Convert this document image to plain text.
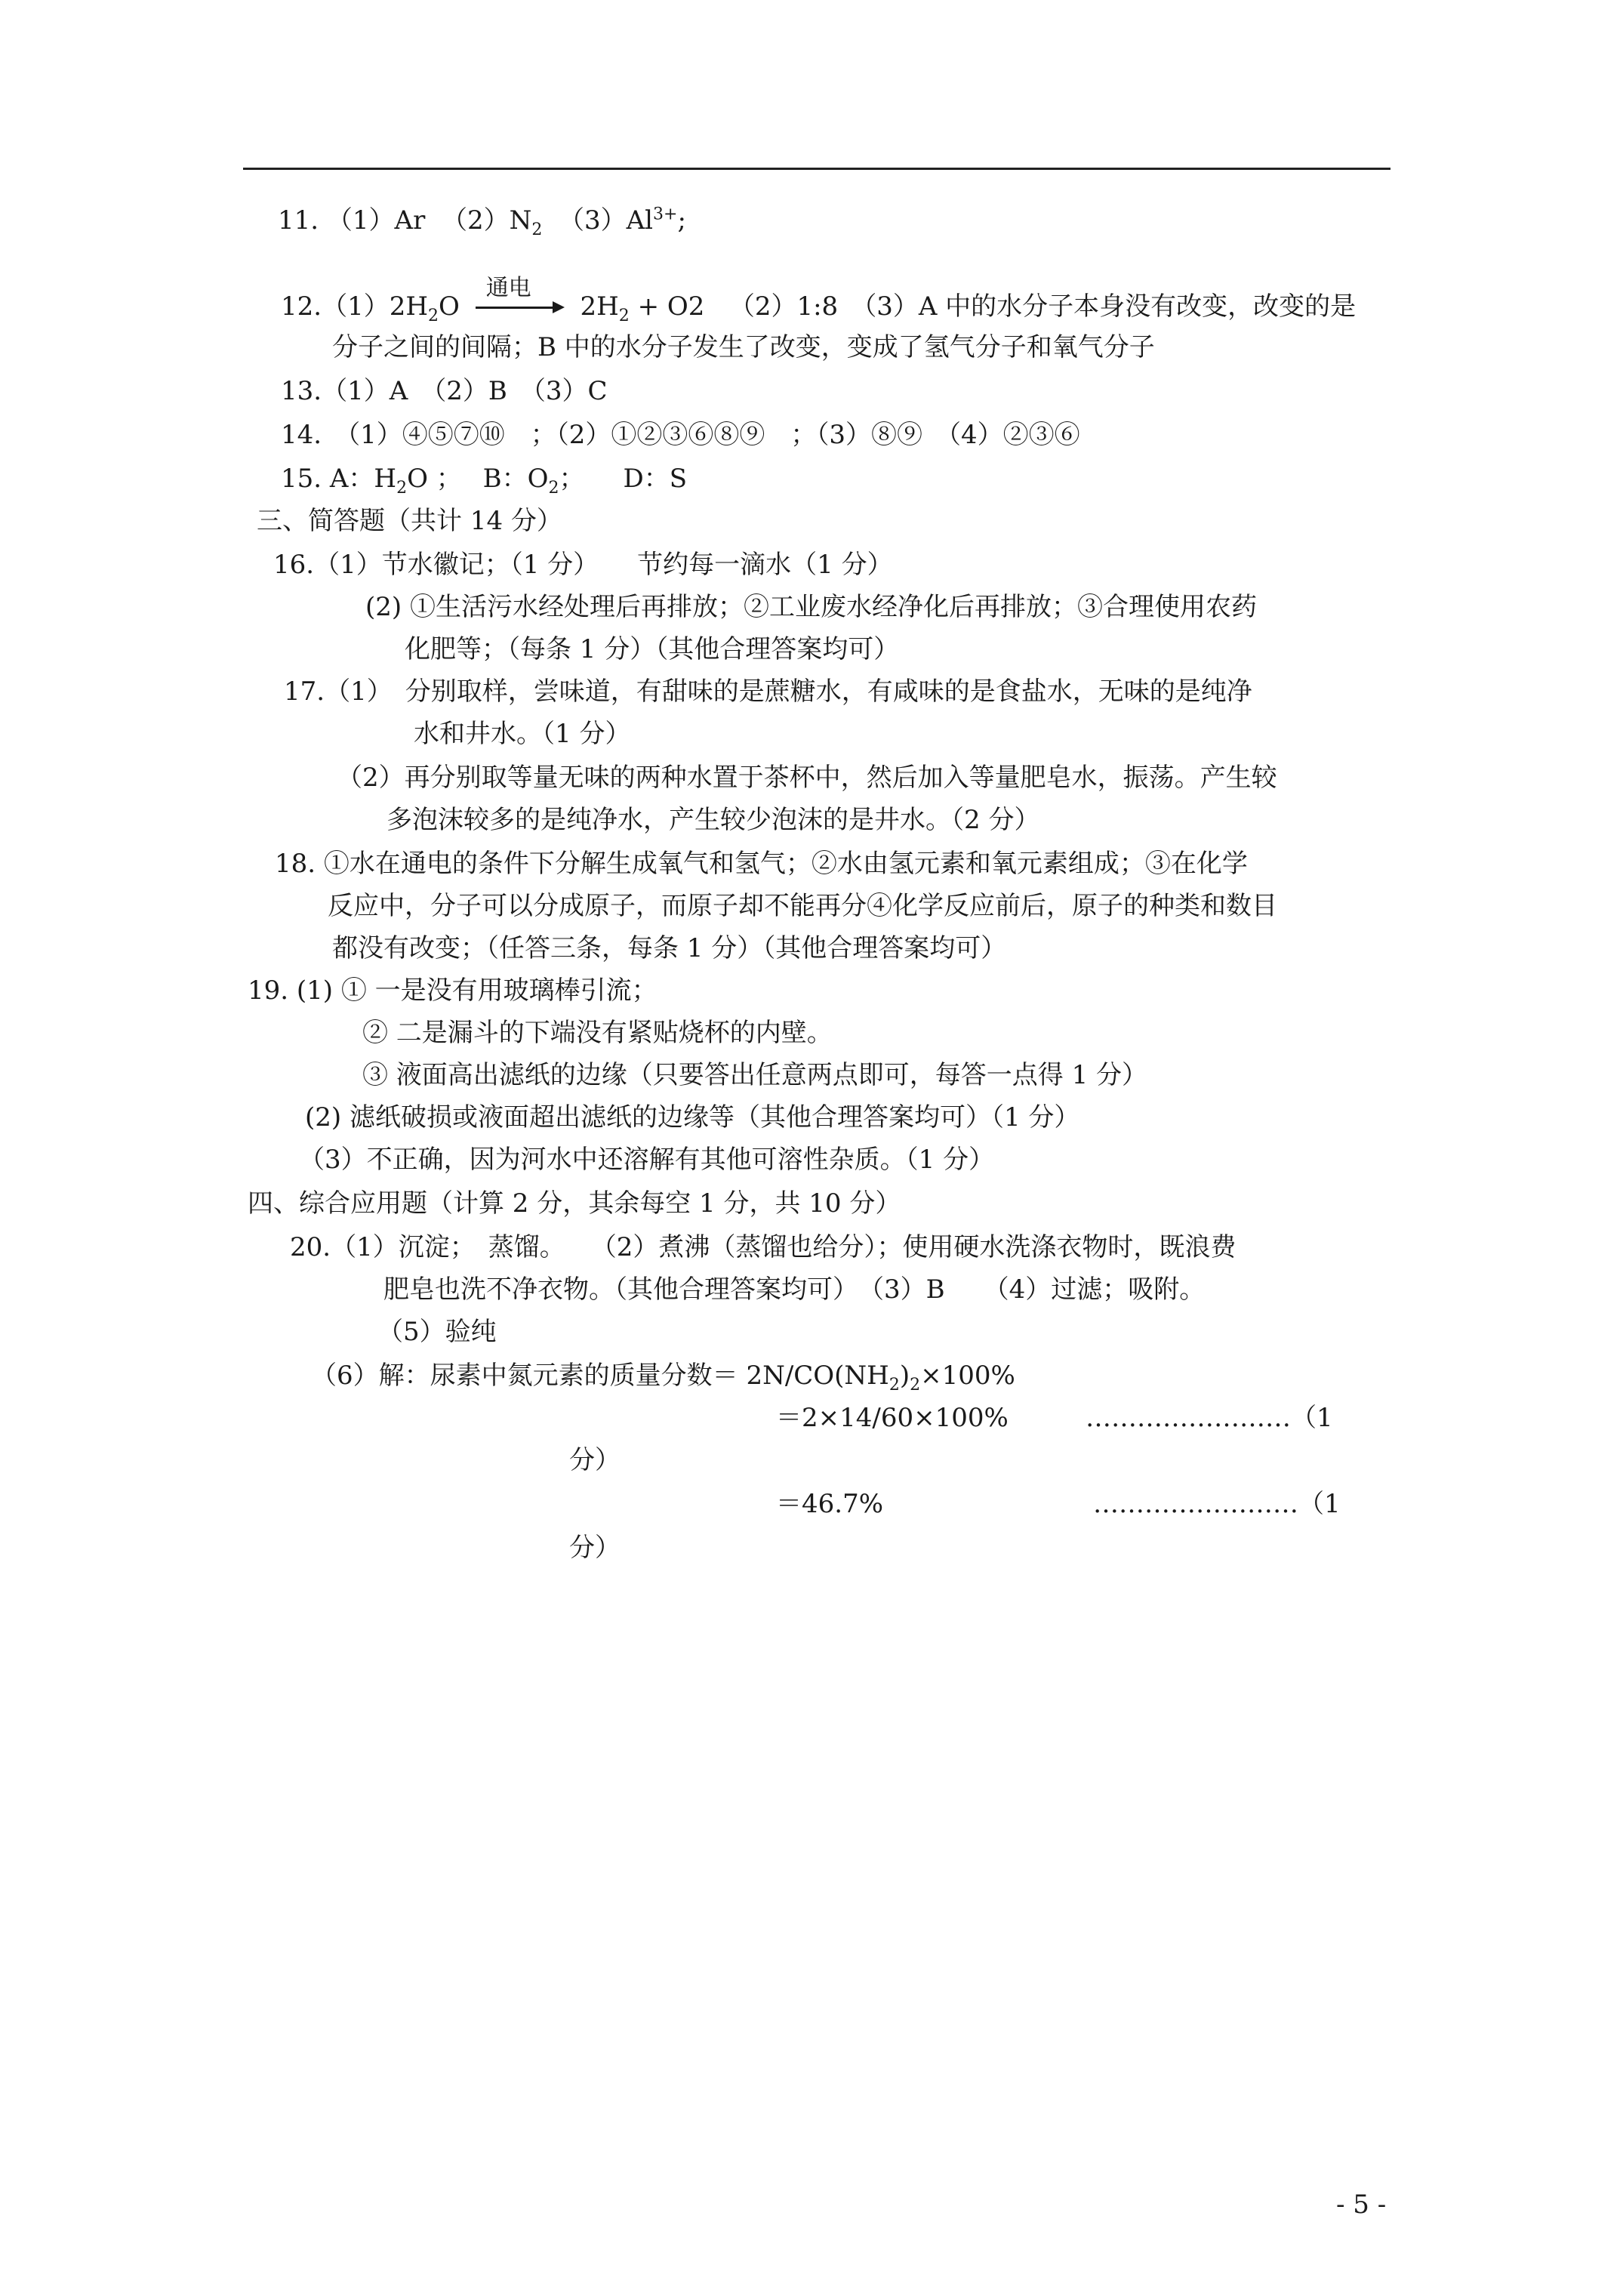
11. （1）Ar $(2)N_2$ $(3)Al^{3+}$;
$12.(1)2H_2O$
通电
$2H_2 + O2$ （2）1:8　（3）A 中的水分子本身没有改变，改变的是
分子之间的间隔；B 中的水分子发生了改变，变成了氢气分子和氧气分子
13.（1）A　（2）B　（3）C
14.　（1）④⑤⑦⑩　；（2）①②③⑥⑧⑨　；（3）⑧⑨　（4）②③⑥
15. A：$H_2O$ ；　 B：$O_2$；　　D：S
三、简答题（共计 14 分）
16.（1）节水徽记；（1 分）　　节约每一滴水（1 分）
(2) ①生活污水经处理后再排放；②工业废水经净化后再排放；③合理使用农药
化肥等；（每条 1 分）（其他合理答案均可）
17.（1）　分别取样，尝味道，有甜味的是蔗糖水，有咸味的是食盐水，无味的是纯净
水和井水。（1 分）
（2）再分别取等量无味的两种水置于茶杯中，然后加入等量肥皂水，振荡。产生较
多泡沫较多的是纯净水，产生较少泡沫的是井水。（2 分）
18. ①水在通电的条件下分解生成氧气和氢气；②水由氢元素和氧元素组成；③在化学
反应中，分子可以分成原子，而原子却不能再分④化学反应前后，原子的种类和数目
都没有改变；（任答三条，每条 1 分）（其他合理答案均可）
19. (1) ① 一是没有用玻璃棒引流；
② 二是漏斗的下端没有紧贴烧杯的内壁。
③ 液面高出滤纸的边缘（只要答出任意两点即可，每答一点得 1 分）
(2) 滤纸破损或液面超出滤纸的边缘等（其他合理答案均可）（1 分）
（3）不正确，因为河水中还溶解有其他可溶性杂质。（1 分）
四、综合应用题（计算 2 分，其余每空 1 分，共 10 分）
20.（1）沉淀；　蒸馏。　　（2）煮沸（蒸馏也给分）；使用硬水洗涤衣物时，既浪费
肥皂也洗不净衣物。（其他合理答案均可）　（3）B　　（4）过滤；吸附。
（5）验纯
（6）解：尿素中氮元素的质量分数＝ $2N/CO(NH_2)_2\times 100\%$
＝2×14/60×100%	……………………（1
分）
＝46.7%	……………………（1
分）
- 5 -
